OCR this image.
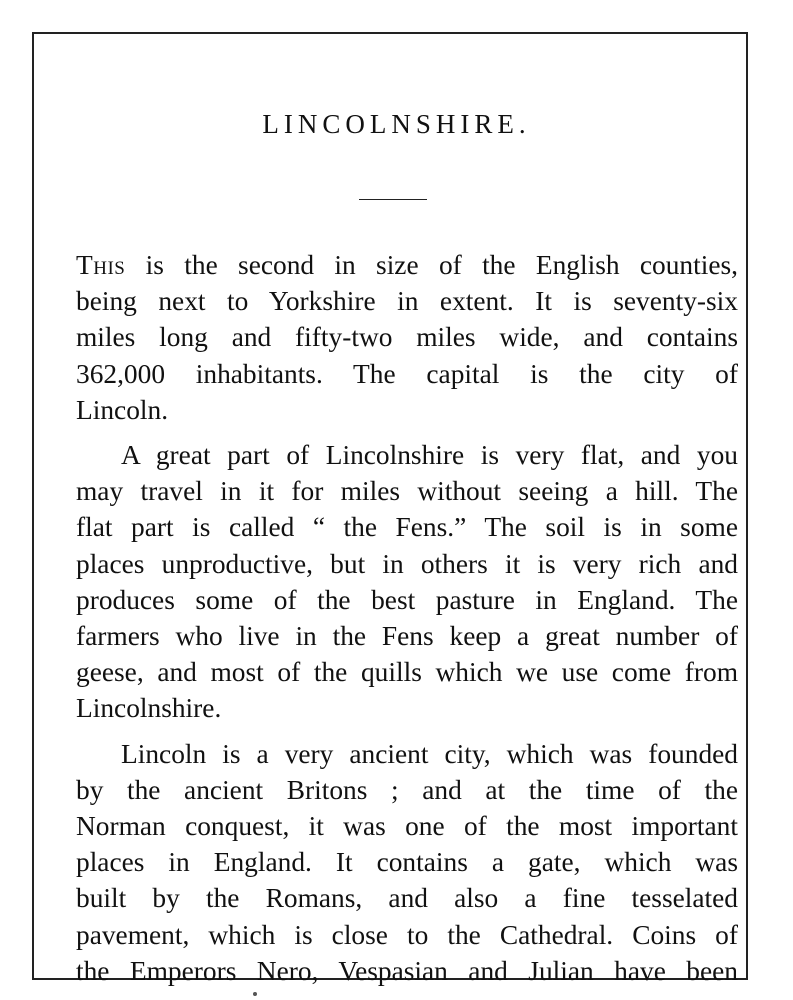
LINCOLNSHIRE.

This is the second in size of the English counties,

being next to Yorkshire in extent. It is seventy-six

miles long and fifty-two miles wide, and contains

362,000 inhabitants. The capital is the city of

Lincoln.

A great part of Lincolnshire is very flat, and you

may travel in it for miles without seeing a hill. The

flat part is called “ the Fens.” The soil is in some

places unproductive, but in others it is very rich and

produces some of the best pasture in England. The

farmers who live in the Fens keep a great number of

geese, and most of the quills which we use come from

Lincolnshire.

Lincoln is a very ancient city, which was founded

by the ancient Britons ; and at the time of the

Norman conquest, it was one of the most important

places in England. It contains a gate, which was

built by the Romans, and also a fine tesselated

pavement, which is close to the Cathedral. Coins of

the Emperors Nero, Vespasian and Julian have been
